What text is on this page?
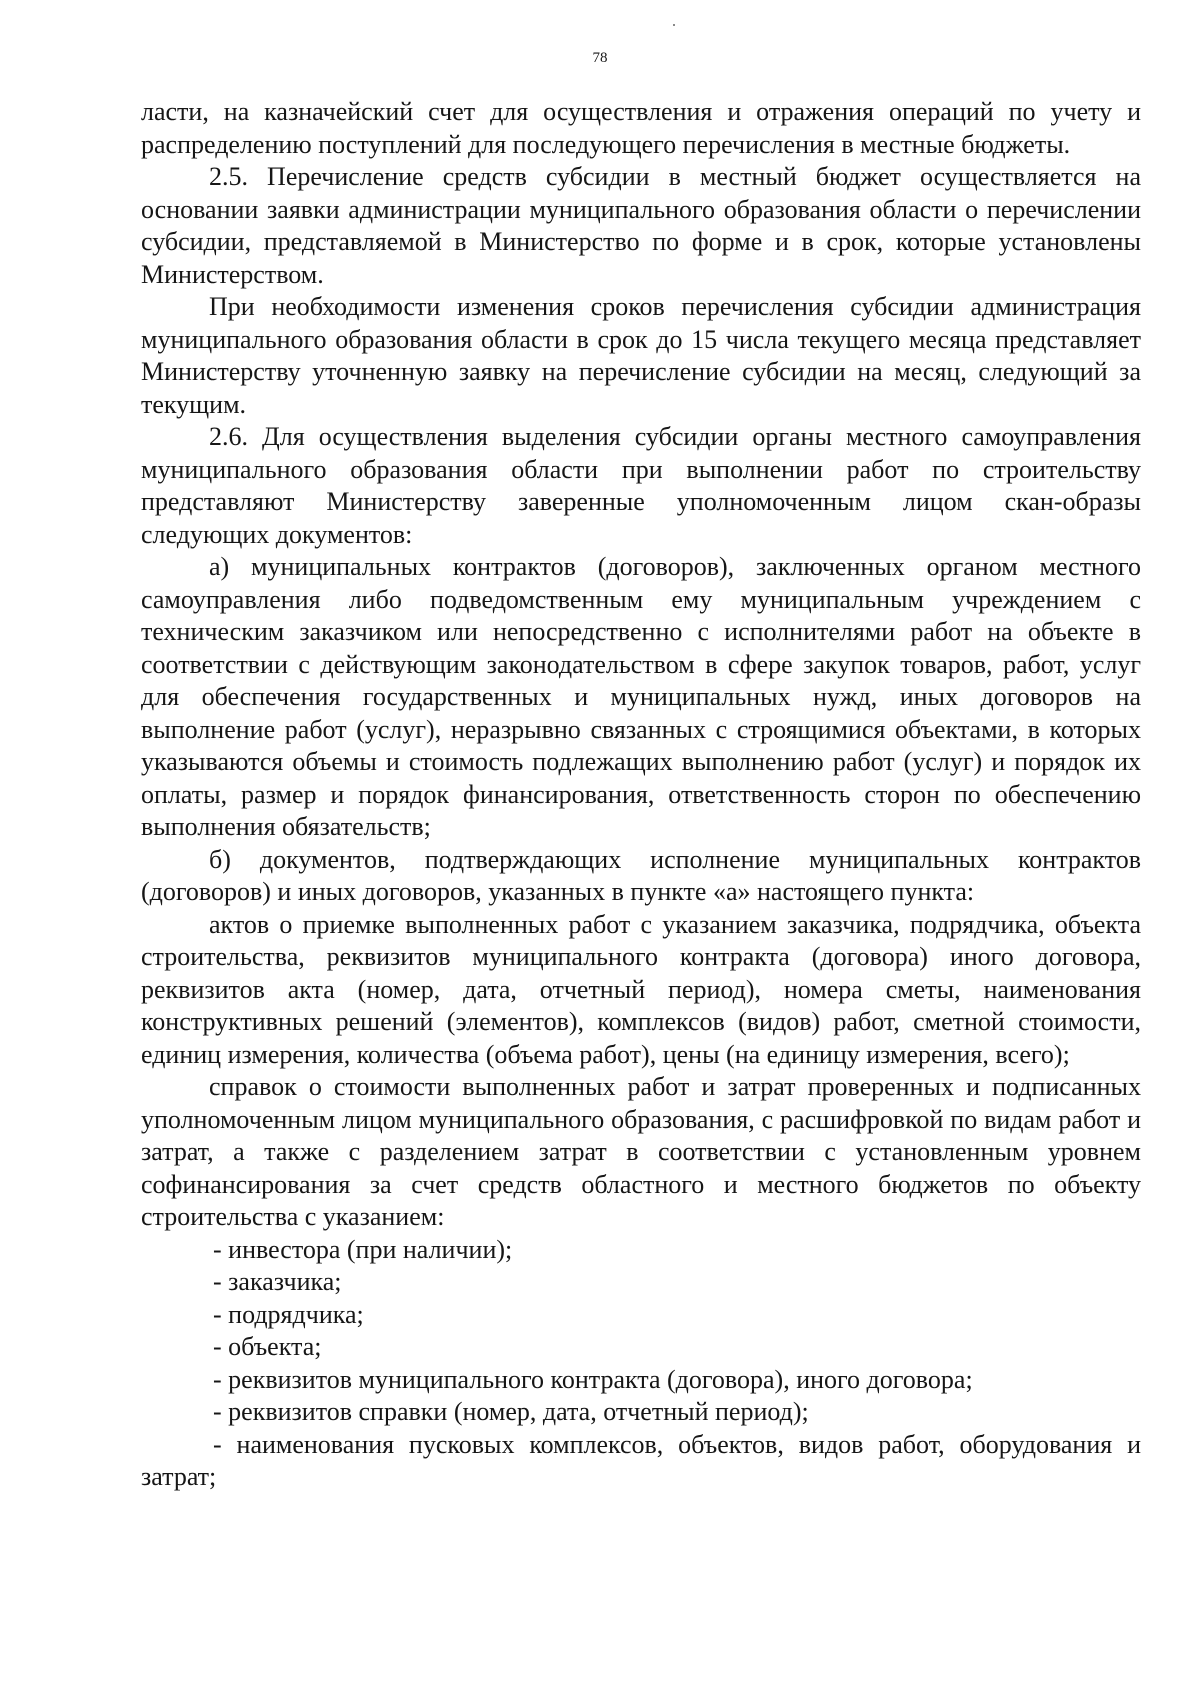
78

ласти, на казначейский счет для осуществления и отражения операций по учету и распределению поступлений для последующего перечисления в местные бюджеты.

2.5. Перечисление средств субсидии в местный бюджет осуществляется на основании заявки администрации муниципального образования области о перечислении субсидии, представляемой в Министерство по форме и в срок, которые установлены Министерством.

При необходимости изменения сроков перечисления субсидии администрация муниципального образования области в срок до 15 числа текущего месяца представляет Министерству уточненную заявку на перечисление субсидии на месяц, следующий за текущим.

2.6. Для осуществления выделения субсидии органы местного самоуправления муниципального образования области при выполнении работ по строительству представляют Министерству заверенные уполномоченным лицом скан-образы следующих документов:

а) муниципальных контрактов (договоров), заключенных органом местного самоуправления либо подведомственным ему муниципальным учреждением с техническим заказчиком или непосредственно с исполнителями работ на объекте в соответствии с действующим законодательством в сфере закупок товаров, работ, услуг для обеспечения государственных и муниципальных нужд, иных договоров на выполнение работ (услуг), неразрывно связанных с строящимися объектами, в которых указываются объемы и стоимость подлежащих выполнению работ (услуг) и порядок их оплаты, размер и порядок финансирования, ответственность сторон по обеспечению выполнения обязательств;

б) документов, подтверждающих исполнение муниципальных контрактов (договоров) и иных договоров, указанных в пункте «а» настоящего пункта:

актов о приемке выполненных работ с указанием заказчика, подрядчика, объекта строительства, реквизитов муниципального контракта (договора) иного договора, реквизитов акта (номер, дата, отчетный период), номера сметы, наименования конструктивных решений (элементов), комплексов (видов) работ, сметной стоимости, единиц измерения, количества (объема работ), цены (на единицу измерения, всего);

справок о стоимости выполненных работ и затрат проверенных и подписанных уполномоченным лицом муниципального образования, с расшифровкой по видам работ и затрат, а также с разделением затрат в соответствии с установленным уровнем софинансирования за счет средств областного и местного бюджетов по объекту строительства с указанием:

- инвестора (при наличии);

- заказчика;

- подрядчика;

- объекта;

- реквизитов муниципального контракта (договора), иного договора;

- реквизитов справки (номер, дата, отчетный период);

- наименования пусковых комплексов, объектов, видов работ, оборудования и затрат;
